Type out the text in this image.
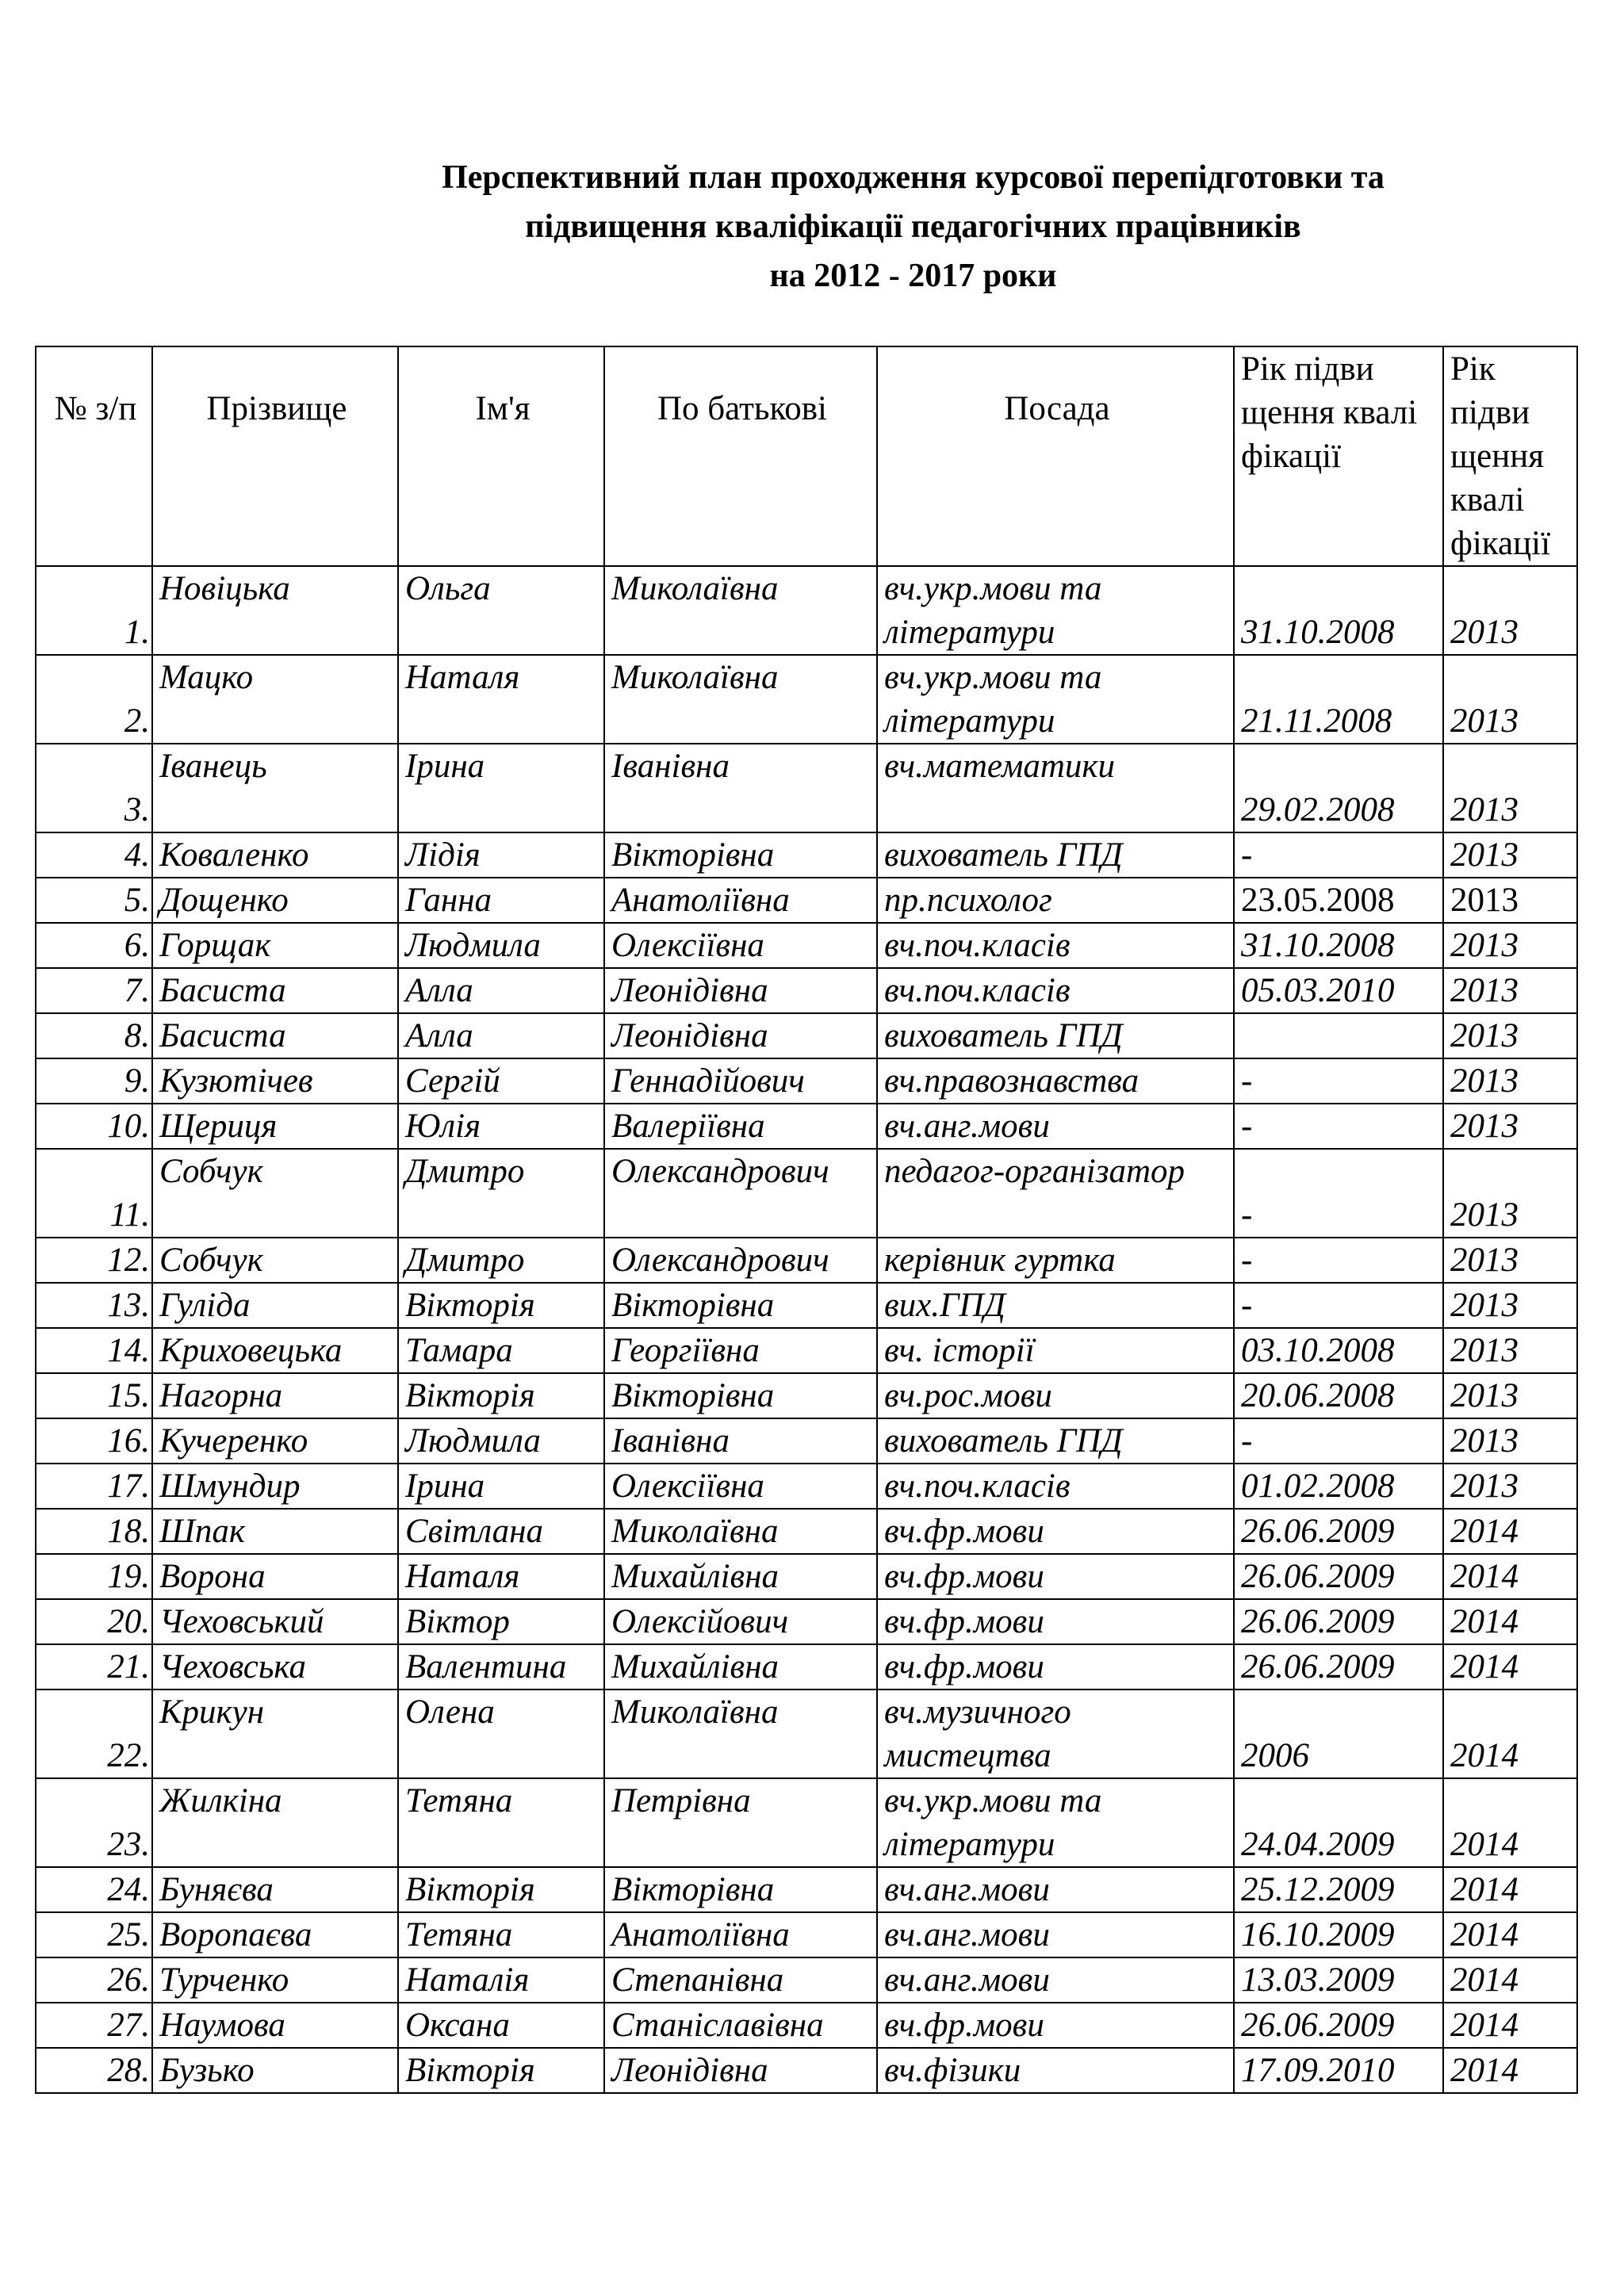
Перспективний план проходження курсової перепідготовки та
підвищення кваліфікації педагогічних працівників
на 2012 - 2017 роки
№ з/п	Прізвище	Ім'я	По батькові	Посада	Рік підви щення квалі фікації	Рік підви щення квалі фікації
1.	Новіцька	Ольга	Миколаївна	вч.укр.мови та літератури	31.10.2008	2013
2.	Мацко	Наталя	Миколаївна	вч.укр.мови та літератури	21.11.2008	2013
3.	Іванець	Ірина	Іванівна	вч.математики	29.02.2008	2013
4.	Коваленко	Лідія	Вікторівна	вихователь ГПД	-	2013
5.	Дощенко	Ганна	Анатоліївна	пр.психолог	23.05.2008	2013
6.	Горщак	Людмила	Олексіївна	вч.поч.класів	31.10.2008	2013
7.	Басиста	Алла	Леонідівна	вч.поч.класів	05.03.2010	2013
8.	Басиста	Алла	Леонідівна	вихователь ГПД		2013
9.	Кузютічев	Сергій	Геннадійович	вч.правознавства	-	2013
10.	Щериця	Юлія	Валеріївна	вч.анг.мови	-	2013
11.	Собчук	Дмитро	Олександрович	педагог-організатор	-	2013
12.	Собчук	Дмитро	Олександрович	керівник гуртка	-	2013
13.	Гуліда	Вікторія	Вікторівна	вих.ГПД	-	2013
14.	Криховецька	Тамара	Георгіївна	вч. історії	03.10.2008	2013
15.	Нагорна	Вікторія	Вікторівна	вч.рос.мови	20.06.2008	2013
16.	Кучеренко	Людмила	Іванівна	вихователь ГПД	-	2013
17.	Шмундир	Ірина	Олексіївна	вч.поч.класів	01.02.2008	2013
18.	Шпак	Світлана	Миколаївна	вч.фр.мови	26.06.2009	2014
19.	Ворона	Наталя	Михайлівна	вч.фр.мови	26.06.2009	2014
20.	Чеховський	Віктор	Олексійович	вч.фр.мови	26.06.2009	2014
21.	Чеховська	Валентина	Михайлівна	вч.фр.мови	26.06.2009	2014
22.	Крикун	Олена	Миколаївна	вч.музичного мистецтва	2006	2014
23.	Жилкіна	Тетяна	Петрівна	вч.укр.мови та літератури	24.04.2009	2014
24.	Буняєва	Вікторія	Вікторівна	вч.анг.мови	25.12.2009	2014
25.	Воропаєва	Тетяна	Анатоліївна	вч.анг.мови	16.10.2009	2014
26.	Турченко	Наталія	Степанівна	вч.анг.мови	13.03.2009	2014
27.	Наумова	Оксана	Станіславівна	вч.фр.мови	26.06.2009	2014
28.	Бузько	Вікторія	Леонідівна	вч.фізики	17.09.2010	2014
